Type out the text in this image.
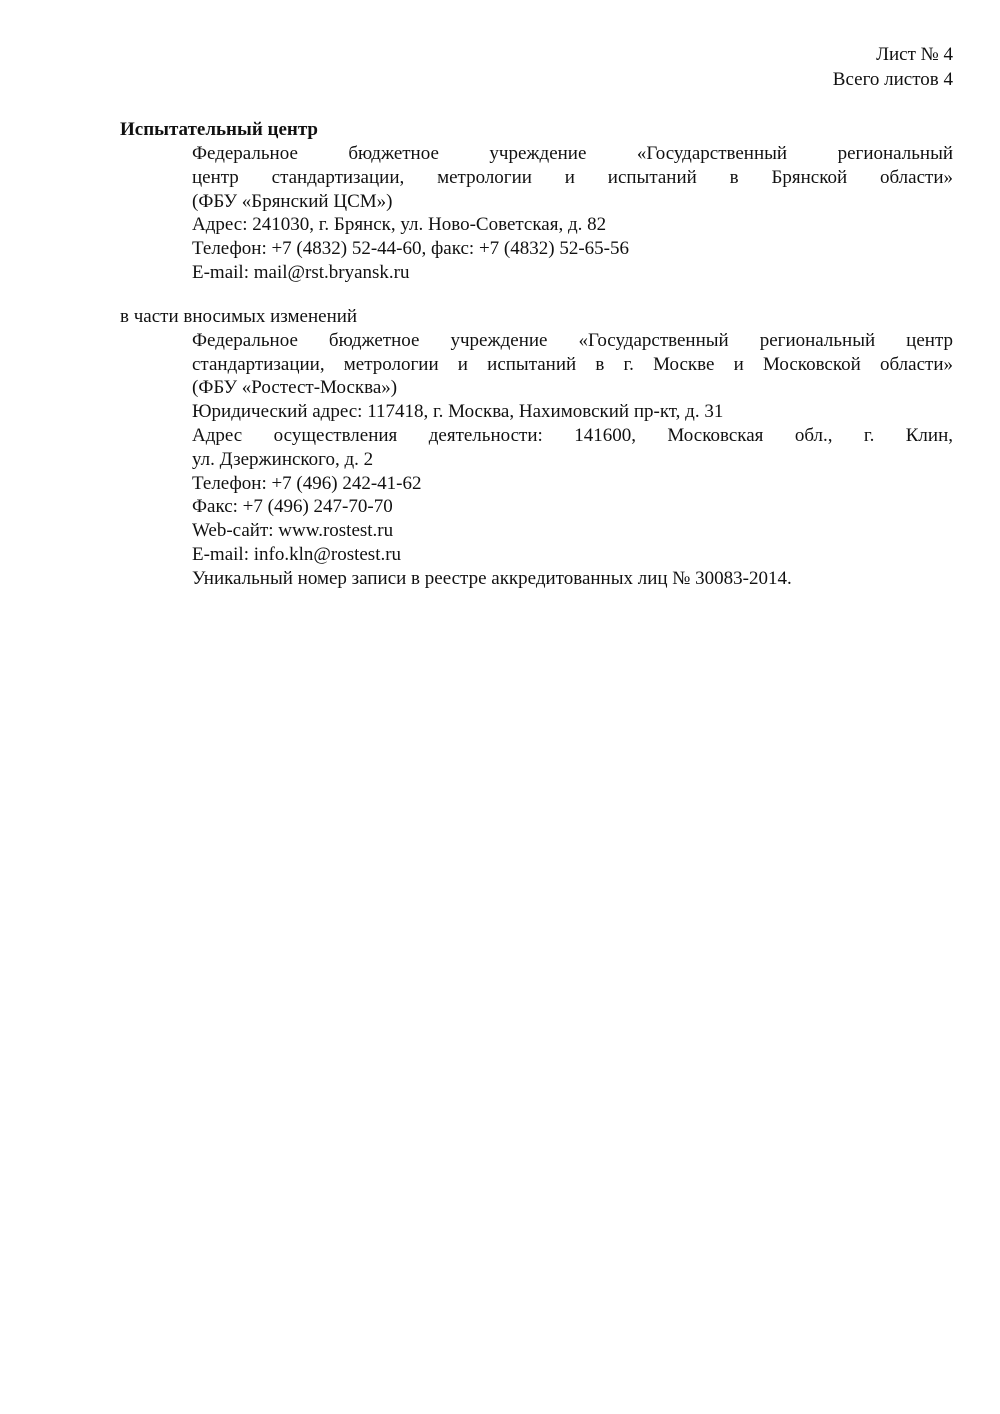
Лист № 4
Всего листов 4
Испытательный центр
Федеральное бюджетное учреждение «Государственный региональный
центр стандартизации, метрологии и испытаний в Брянской области»
(ФБУ «Брянский ЦСМ»)
Адрес: 241030, г. Брянск, ул. Ново-Советская, д. 82
Телефон: +7 (4832) 52-44-60, факс: +7 (4832) 52-65-56
E-mail: mail@rst.bryansk.ru
в части вносимых изменений
Федеральное бюджетное учреждение «Государственный региональный центр
стандартизации, метрологии и испытаний в г. Москве и Московской области»
(ФБУ «Ростест-Москва»)
Юридический адрес: 117418, г. Москва, Нахимовский пр-кт, д. 31
Адрес осуществления деятельности: 141600, Московская обл., г. Клин,
ул. Дзержинского, д. 2
Телефон: +7 (496) 242-41-62
Факс: +7 (496) 247-70-70
Web-сайт: www.rostest.ru
E-mail: info.kln@rostest.ru
Уникальный номер записи в реестре аккредитованных лиц № 30083-2014.
